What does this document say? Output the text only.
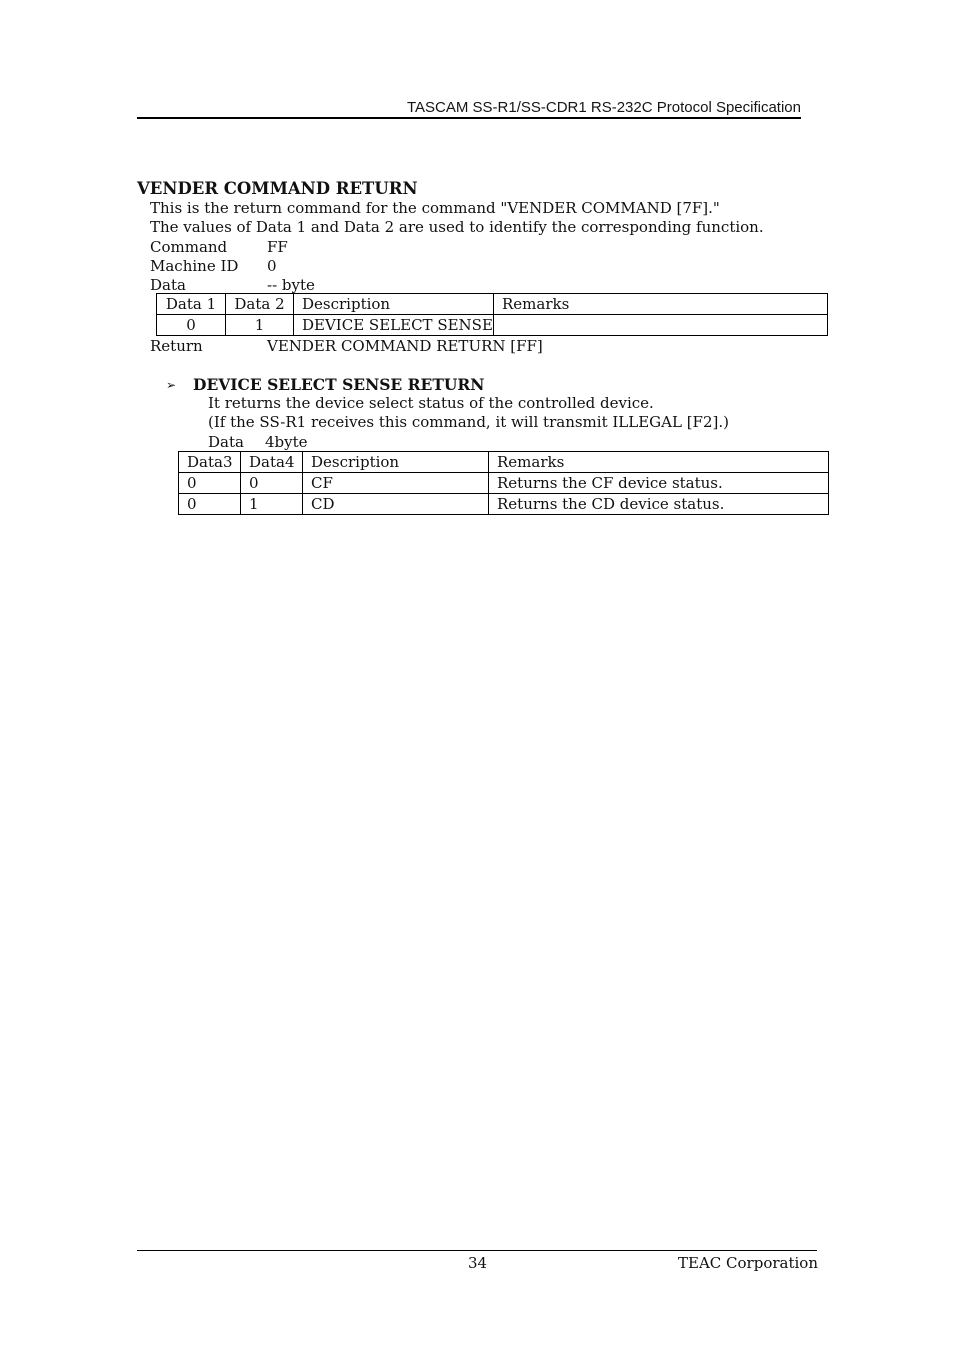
TASCAM SS-R1/SS-CDR1 RS-232C Protocol Specification
VENDER COMMAND RETURN
This is the return command for the command "VENDER COMMAND [7F]."
The values of Data 1 and Data 2 are used to identify the corresponding function.
Command	FF
Machine ID 0
Data	-- byte
Data 1	Data 2	Description	Remarks
0	1	DEVICE SELECT SENSE	
Return	VENDER COMMAND RETURN [FF]
➢ DEVICE SELECT SENSE RETURN
It returns the device select status of the controlled device.
(If the SS-R1 receives this command, it will transmit ILLEGAL [F2].)
Data 4byte
Data3	Data4	Description	Remarks
0	0	CF	Returns the CF device status.
0	1	CD	Returns the CD device status.
34	TEAC Corporation
